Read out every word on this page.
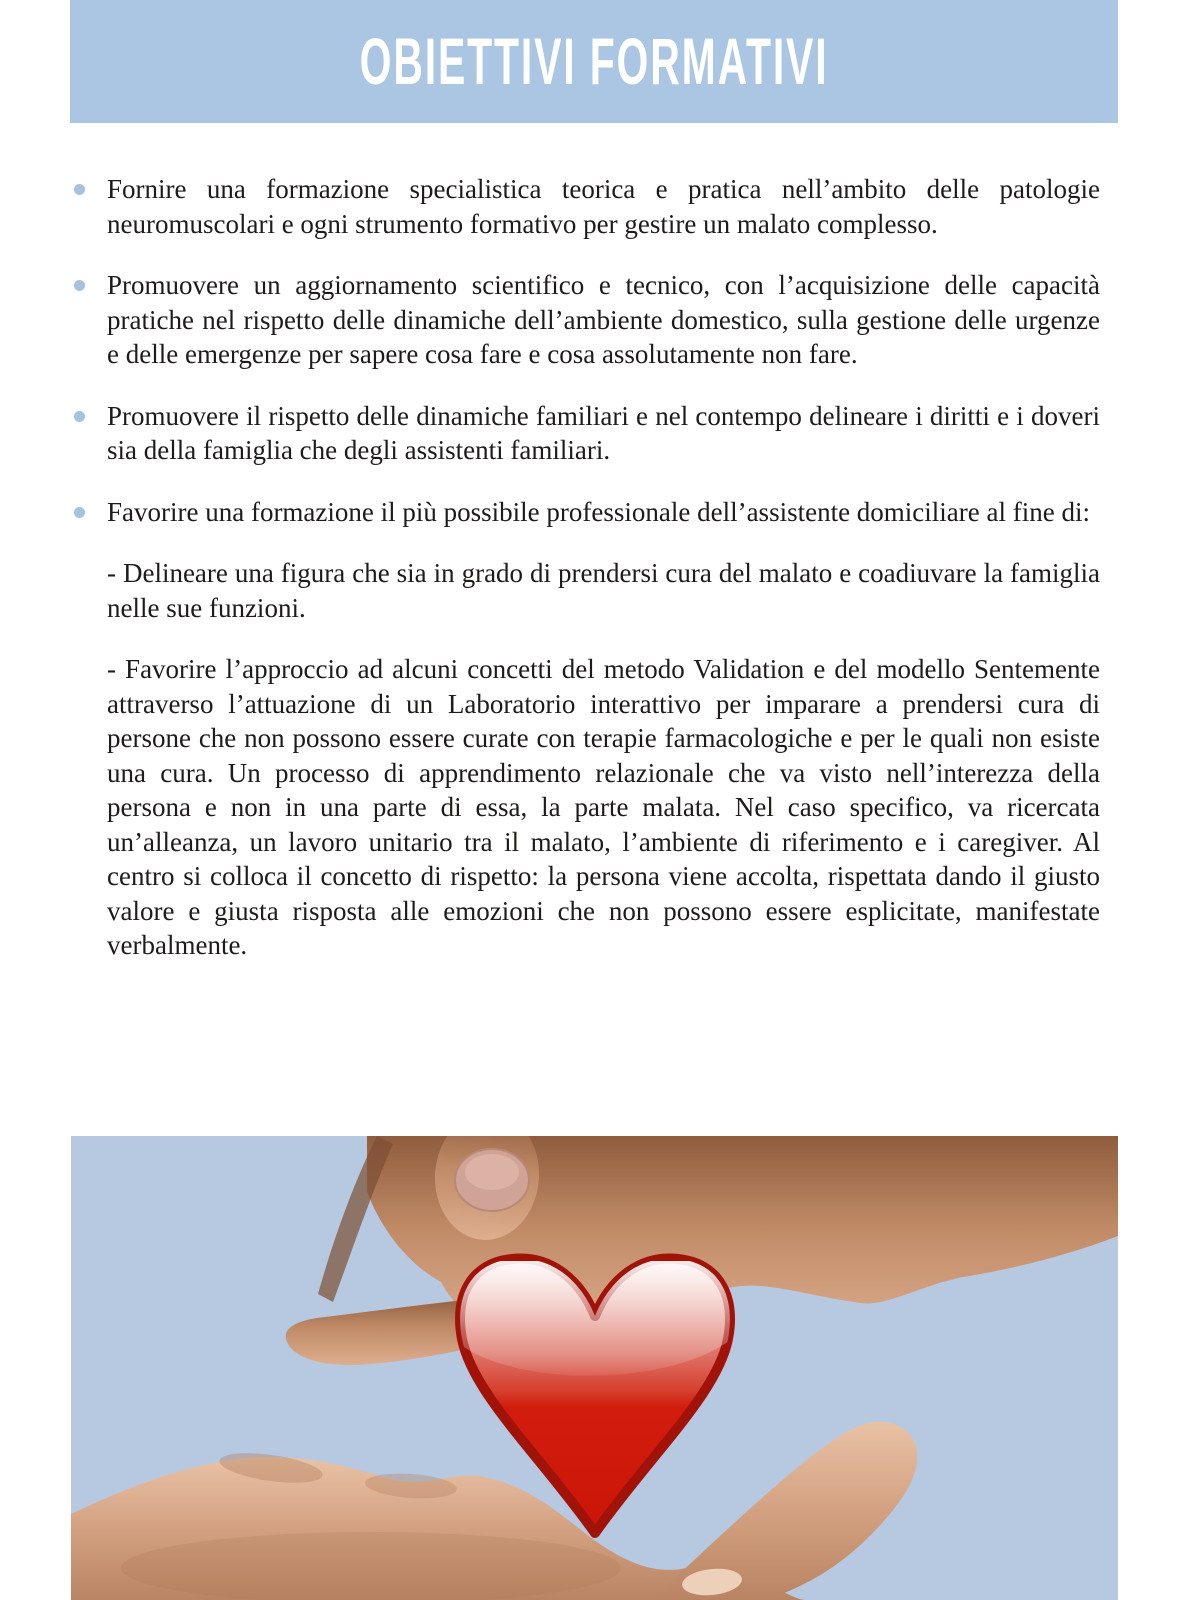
OBIETTIVI FORMATIVI
Fornire una formazione specialistica teorica e pratica nell’ambito delle patologie neuromuscolari e ogni strumento formativo per gestire un malato complesso.
Promuovere un aggiornamento scientifico e tecnico, con l’acquisizione delle capacità pratiche nel rispetto delle dinamiche dell’ambiente domestico, sulla gestione delle urgenze e delle emergenze per sapere cosa fare e cosa assolutamente non fare.
Promuovere il rispetto delle dinamiche familiari e nel contempo delineare i diritti e i doveri sia della famiglia che degli assistenti familiari.
Favorire una formazione il più possibile professionale dell’assistente domiciliare al fine di:

- Delineare una figura che sia in grado di prendersi cura del malato e coadiuvare la famiglia nelle sue funzioni.

- Favorire l’approccio ad alcuni concetti del metodo Validation e del modello Sentemente attraverso l’attuazione di un Laboratorio interattivo per imparare a prendersi cura di persone che non possono essere curate con terapie farmacologiche e per le quali non esiste una cura. Un processo di apprendimento relazionale che va visto nell’interezza della persona e non in una parte di essa, la parte malata. Nel caso specifico, va ricercata un’alleanza, un lavoro unitario tra il malato, l’ambiente di riferimento e i caregiver. Al centro si colloca il concetto di rispetto: la persona viene accolta, rispettata dando il giusto valore e giusta risposta alle emozioni che non possono essere esplicitate, manifestate verbalmente.
